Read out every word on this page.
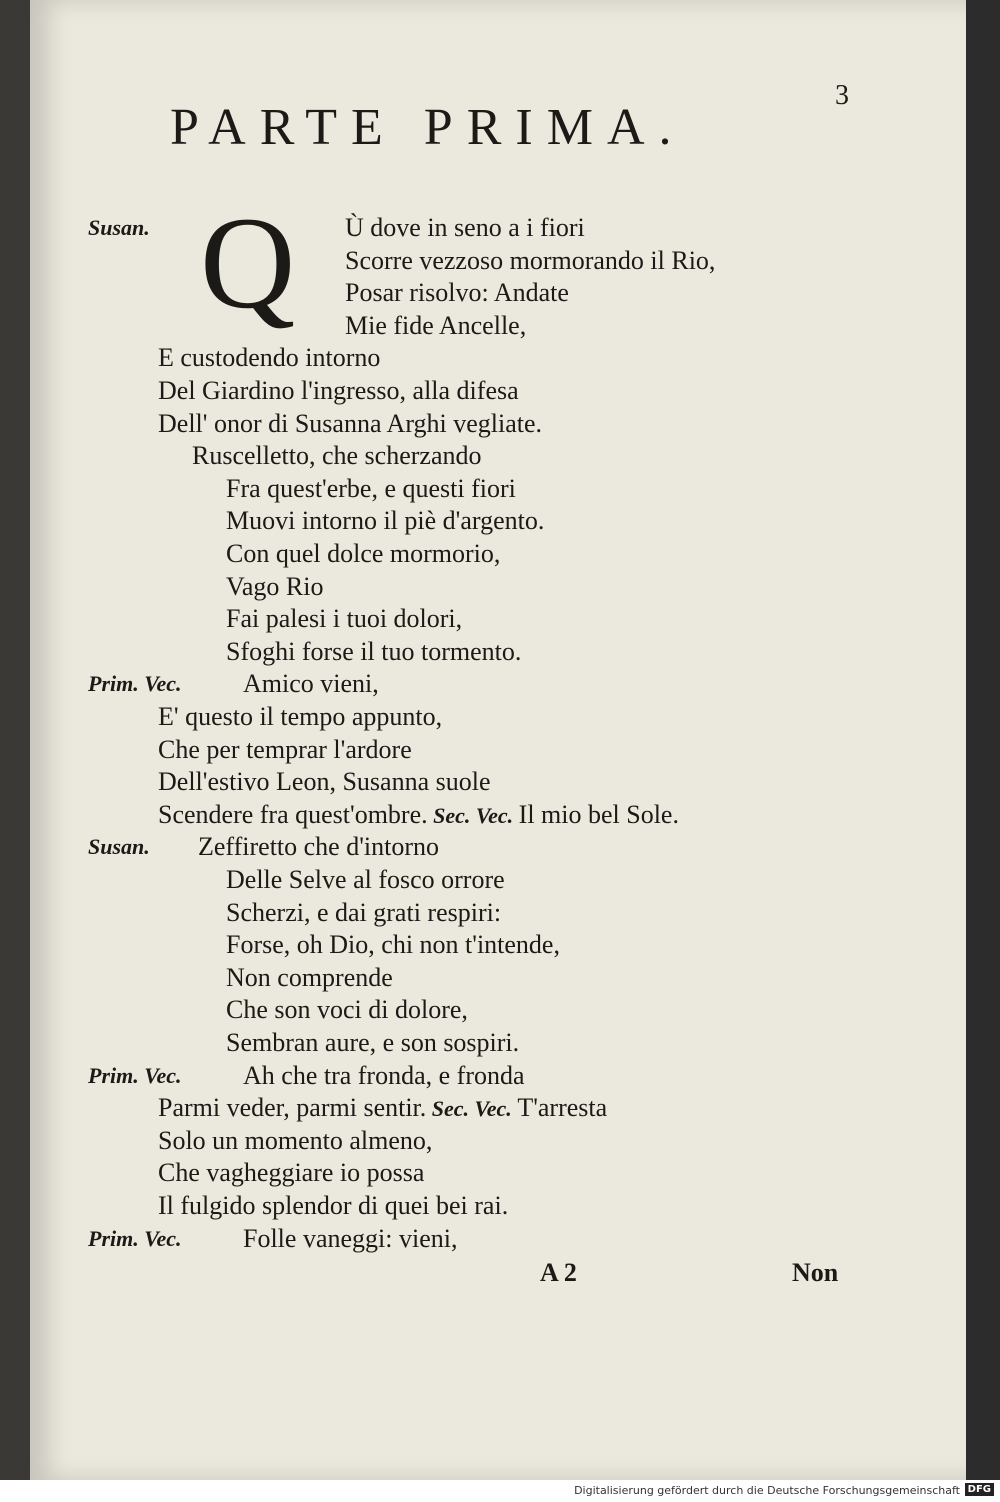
3
PARTE PRIMA.
Q
Susan.	Ù dove in seno a i fiori
Scorre vezzoso mormorando il Rio,
Posar risolvo: Andate
Mie fide Ancelle,
E custodendo intorno
Del Giardino l'ingresso, alla difesa
Dell' onor di Susanna Arghi vegliate.
Ruscelletto, che scherzando
Fra quest'erbe, e questi fiori
Muovi intorno il piè d'argento.
Con quel dolce mormorio,
Vago Rio
Fai palesi i tuoi dolori,
Sfoghi forse il tuo tormento.
Prim. Vec. Amico vieni,
E' questo il tempo appunto,
Che per temprar l'ardore
Dell'estivo Leon, Susanna suole
Scendere fra quest'ombre. Sec. Vec. Il mio bel Sole.
Susan. Zeffiretto che d'intorno
Delle Selve al fosco orrore
Scherzi, e dai grati respiri:
Forse, oh Dio, chi non t'intende,
Non comprende
Che son voci di dolore,
Sembran aure, e son sospiri.
Prim. Vec. Ah che tra fronda, e fronda
Parmi veder, parmi sentir. Sec. Vec. T'arresta
Solo un momento almeno,
Che vagheggiare io possa
Il fulgido splendor di quei bei rai.
Prim. Vec. Folle vaneggi: vieni,
A 2	Non
Digitalisierung gefördert durch die Deutsche Forschungsgemeinschaft DFG
